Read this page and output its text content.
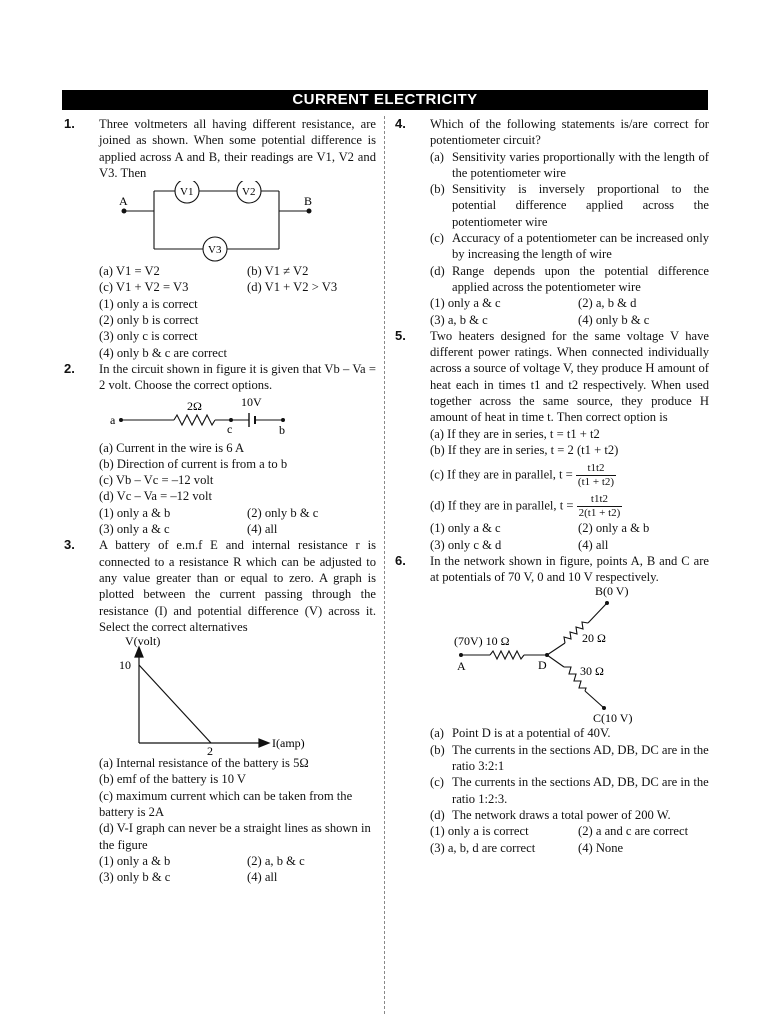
CURRENT ELECTRICITY
1. Three voltmeters all having different resistance, are joined as shown. When some potential difference is applied across A and B, their readings are V1, V2 and V3. Then
A	B
V1	V2
V3
(a) V1 = V2	(b) V1 ≠ V2
(c) V1 + V2 = V3	(d) V1 + V2 > V3
(1) only a is correct
(2) only b is correct
(3) only c is correct
(4) only b & c are correct
2. In the circuit shown in figure it is given that Vb – Va = 2 volt. Choose the correct options.
a
2Ω	10V
c	b
(a) Current in the wire is 6 A
(b) Direction of current is from a to b
(c) Vb – Vc = –12 volt
(d) Vc – Va = –12 volt
(1) only a & b	(2) only b & c
(3) only a & c	(4) all
3. A battery of e.m.f E and internal resistance r is connected to a resistance R which can be adjusted to any value greater than or equal to zero. A graph is plotted between the current passing through the resistance (I) and potential difference (V) across it. Select the correct alternatives
V(volt)
I(amp)
10
2
(a) Internal resistance of the battery is 5Ω
(b) emf of the battery is 10 V
(c) maximum current which can be taken from the battery is 2A
(d) V-I graph can never be a straight lines as shown in the figure
(1) only a & b	(2) a, b & c
(3) only b & c	(4) all
4. Which of the following statements is/are correct for potentiometer circuit?
(a) Sensitivity varies proportionally with the length of the potentiometer wire
(b) Sensitivity is inversely proportional to the potential difference applied across the potentiometer wire
(c) Accuracy of a potentiometer can be increased only by increasing the length of wire
(d) Range depends upon the potential difference applied across the potentiometer wire
(1) only a & c	(2) a, b & d
(3) a, b & c	(4) only b & c
5. Two heaters designed for the same voltage V have different power ratings. When connected individually across a source of voltage V, they produce H amount of heat each in times t1 and t2 respectively. When used together across the same source, they produce H amount of heat in time t. Then correct option is
(a) If they are in series, t = t1 + t2
(b) If they are in series, t = 2 (t1 + t2)
(c) If they are in parallel, $t = \frac{t1t2}{(t1 + t2)}$
(d) If they are in parallel, $t = \frac{t1t2}{2(t1 + t2)}$
(1) only a & c	(2) only a & b
(3) only c & d	(4) all
6. In the network shown in figure, points A, B and C are at potentials of 70 V, 0 and 10 V respectively.
B(0 V)
(70V) 10 Ω
A	D
20 Ω
30 Ω
C(10 V)
(a) Point D is at a potential of 40V.
(b) The currents in the sections AD, DB, DC are in the ratio 3:2:1
(c) The currents in the sections AD, DB, DC are in the ratio 1:2:3.
(d) The network draws a total power of 200 W.
(1) only a is correct	(2) a and c are correct
(3) a, b, d are correct	(4) None
